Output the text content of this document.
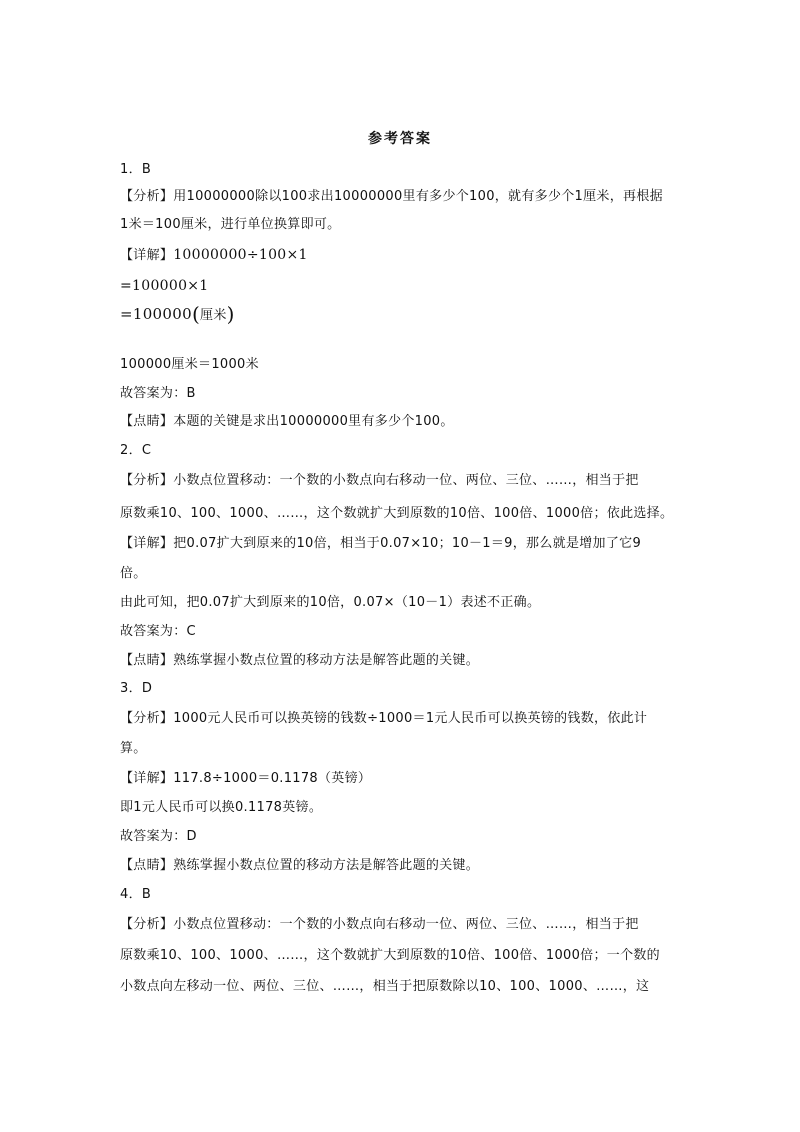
参考答案
1．B
【分析】用10000000除以100求出10000000里有多少个100，就有多少个1厘米，再根据
1米＝100厘米，进行单位换算即可。
【详解】10000000÷100×1
=100000×1
=100000(厘米)
100000厘米＝1000米
故答案为：B
【点睛】本题的关键是求出10000000里有多少个100。
2．C
【分析】小数点位置移动：一个数的小数点向右移动一位、两位、三位、……，相当于把
原数乘10、100、1000、……，这个数就扩大到原数的10倍、100倍、1000倍；依此选择。
【详解】把0.07扩大到原来的10倍，相当于0.07×10；10－1＝9，那么就是增加了它9
倍。
由此可知，把0.07扩大到原来的10倍，0.07×（10－1）表述不正确。
故答案为：C
【点睛】熟练掌握小数点位置的移动方法是解答此题的关键。
3．D
【分析】1000元人民币可以换英镑的钱数÷1000＝1元人民币可以换英镑的钱数，依此计
算。
【详解】117.8÷1000＝0.1178（英镑）
即1元人民币可以换0.1178英镑。
故答案为：D
【点睛】熟练掌握小数点位置的移动方法是解答此题的关键。
4．B
【分析】小数点位置移动：一个数的小数点向右移动一位、两位、三位、……，相当于把
原数乘10、100、1000、……，这个数就扩大到原数的10倍、100倍、1000倍；一个数的
小数点向左移动一位、两位、三位、……，相当于把原数除以10、100、1000、……，这
